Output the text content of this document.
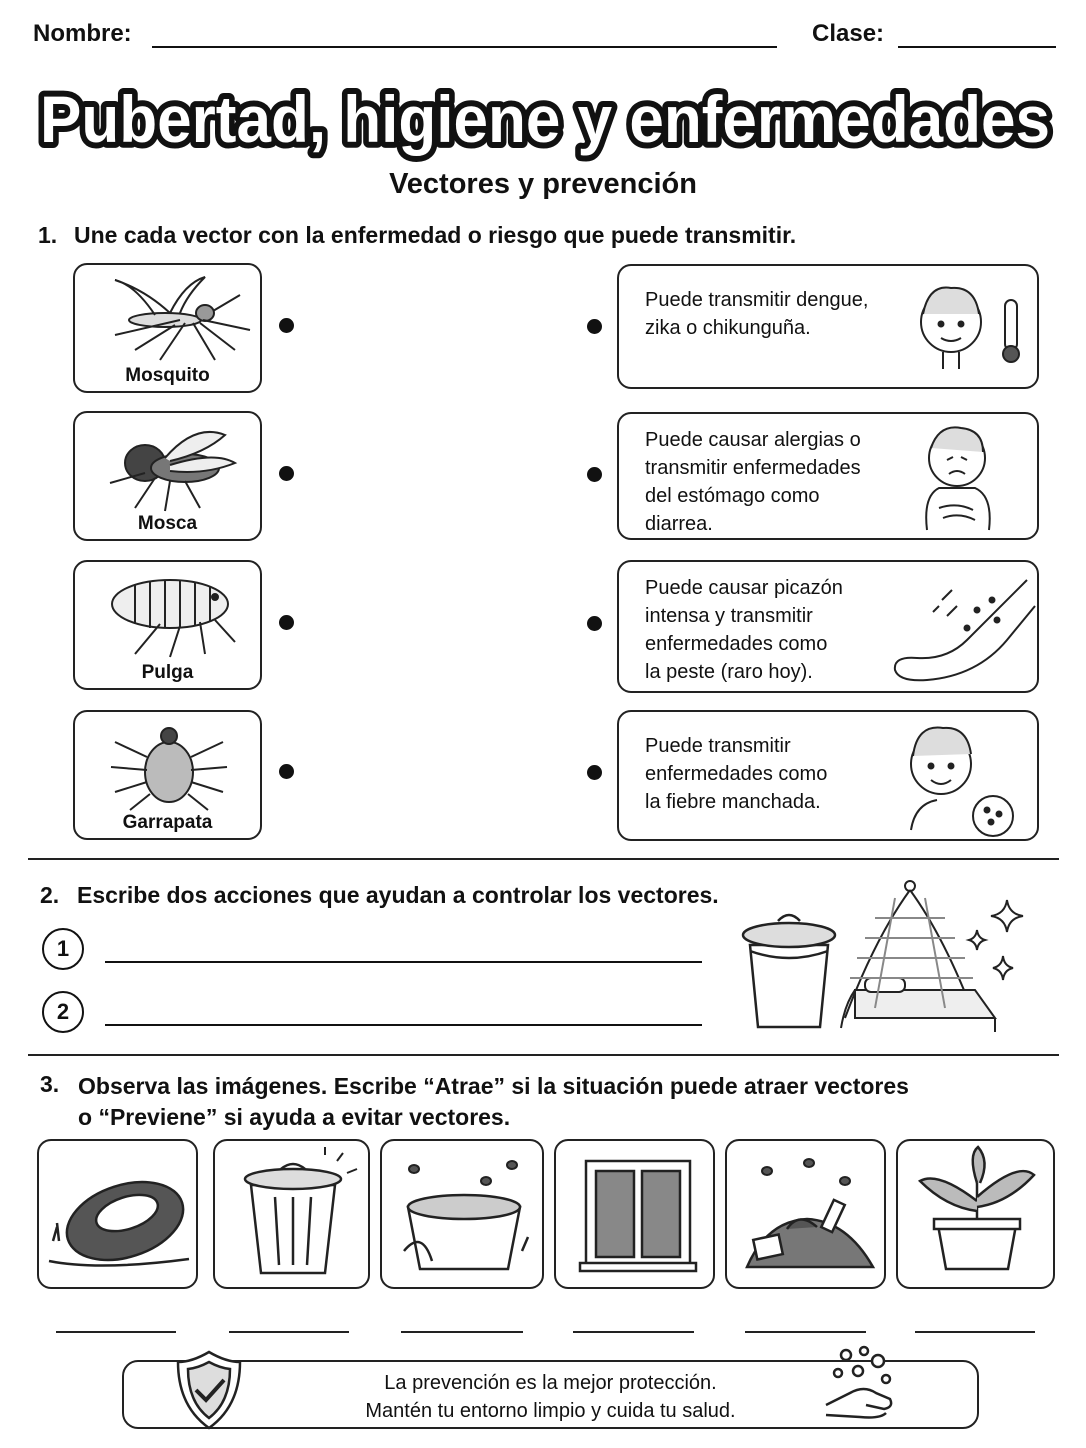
Nombre:	Clase:
Pubertad, higiene y enfermedades
Vectores y prevención
1. Une cada vector con la enfermedad o riesgo que puede transmitir.
Mosquito
Mosca
Pulga
Garrapata
Puede transmitir dengue,
zika o chikunguña.
Puede causar alergias o
transmitir enfermedades
del estómago como
diarrea.
Puede causar picazón
intensa y transmitir
enfermedades como
la peste (raro hoy).
Puede transmitir
enfermedades como
la fiebre manchada.
2. Escribe dos acciones que ayudan a controlar los vectores.
1
2
3. Observa las imágenes. Escribe “Atrae” si la situación puede atraer vectores
o “Previene” si ayuda a evitar vectores.
La prevención es la mejor protección.
Mantén tu entorno limpio y cuida tu salud.
